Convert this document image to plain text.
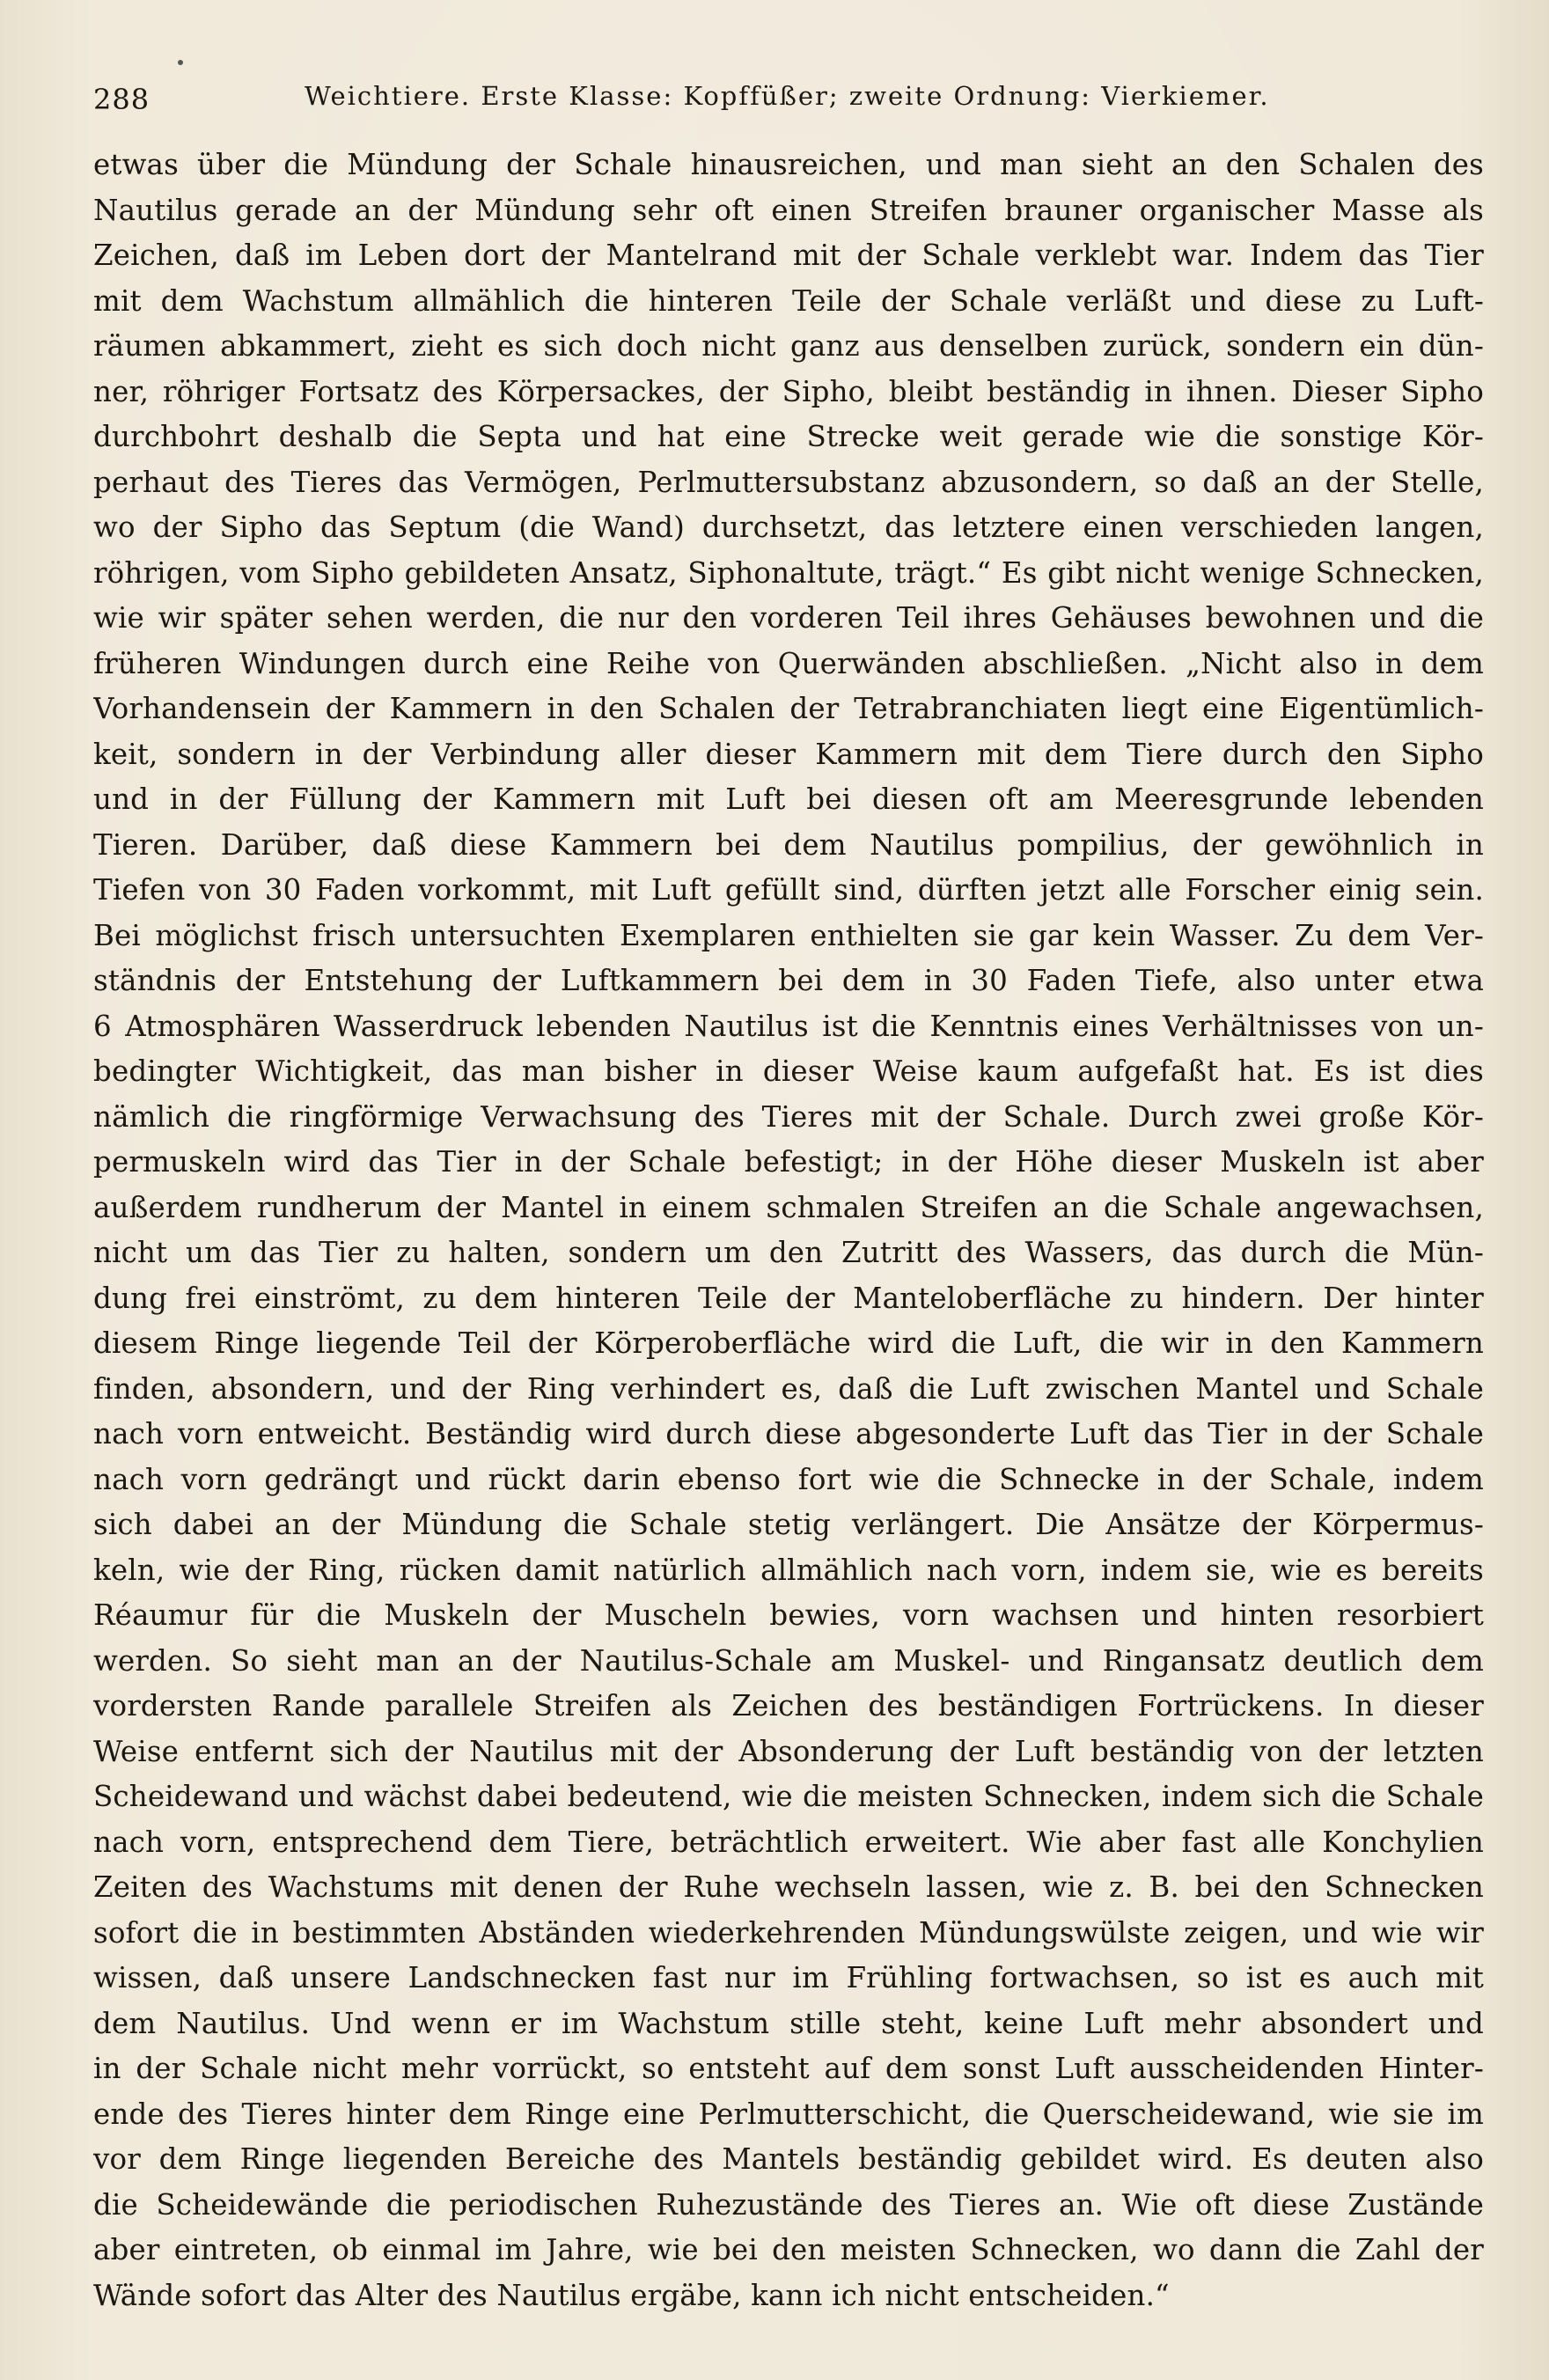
288	Weichtiere. Erste Klasse: Kopffüßer; zweite Ordnung: Vierkiemer.
etwas über die Mündung der Schale hinausreichen, und man sieht an den Schalen des
Nautilus gerade an der Mündung sehr oft einen Streifen brauner organischer Masse als
Zeichen, daß im Leben dort der Mantelrand mit der Schale verklebt war. Indem das Tier
mit dem Wachstum allmählich die hinteren Teile der Schale verläßt und diese zu Luft-
räumen abkammert, zieht es sich doch nicht ganz aus denselben zurück, sondern ein dün-
ner, röhriger Fortsatz des Körpersackes, der Sipho, bleibt beständig in ihnen. Dieser Sipho
durchbohrt deshalb die Septa und hat eine Strecke weit gerade wie die sonstige Kör-
perhaut des Tieres das Vermögen, Perlmuttersubstanz abzusondern, so daß an der Stelle,
wo der Sipho das Septum (die Wand) durchsetzt, das letztere einen verschieden langen,
röhrigen, vom Sipho gebildeten Ansatz, Siphonaltute, trägt.“ Es gibt nicht wenige Schnecken,
wie wir später sehen werden, die nur den vorderen Teil ihres Gehäuses bewohnen und die
früheren Windungen durch eine Reihe von Querwänden abschließen. „Nicht also in dem
Vorhandensein der Kammern in den Schalen der Tetrabranchiaten liegt eine Eigentümlich-
keit, sondern in der Verbindung aller dieser Kammern mit dem Tiere durch den Sipho
und in der Füllung der Kammern mit Luft bei diesen oft am Meeresgrunde lebenden
Tieren. Darüber, daß diese Kammern bei dem Nautilus pompilius, der gewöhnlich in
Tiefen von 30 Faden vorkommt, mit Luft gefüllt sind, dürften jetzt alle Forscher einig sein.
Bei möglichst frisch untersuchten Exemplaren enthielten sie gar kein Wasser. Zu dem Ver-
ständnis der Entstehung der Luftkammern bei dem in 30 Faden Tiefe, also unter etwa
6 Atmosphären Wasserdruck lebenden Nautilus ist die Kenntnis eines Verhältnisses von un-
bedingter Wichtigkeit, das man bisher in dieser Weise kaum aufgefaßt hat. Es ist dies
nämlich die ringförmige Verwachsung des Tieres mit der Schale. Durch zwei große Kör-
permuskeln wird das Tier in der Schale befestigt; in der Höhe dieser Muskeln ist aber
außerdem rundherum der Mantel in einem schmalen Streifen an die Schale angewachsen,
nicht um das Tier zu halten, sondern um den Zutritt des Wassers, das durch die Mün-
dung frei einströmt, zu dem hinteren Teile der Manteloberfläche zu hindern. Der hinter
diesem Ringe liegende Teil der Körperoberfläche wird die Luft, die wir in den Kammern
finden, absondern, und der Ring verhindert es, daß die Luft zwischen Mantel und Schale
nach vorn entweicht. Beständig wird durch diese abgesonderte Luft das Tier in der Schale
nach vorn gedrängt und rückt darin ebenso fort wie die Schnecke in der Schale, indem
sich dabei an der Mündung die Schale stetig verlängert. Die Ansätze der Körpermus-
keln, wie der Ring, rücken damit natürlich allmählich nach vorn, indem sie, wie es bereits
Réaumur für die Muskeln der Muscheln bewies, vorn wachsen und hinten resorbiert
werden. So sieht man an der Nautilus-Schale am Muskel- und Ringansatz deutlich dem
vordersten Rande parallele Streifen als Zeichen des beständigen Fortrückens. In dieser
Weise entfernt sich der Nautilus mit der Absonderung der Luft beständig von der letzten
Scheidewand und wächst dabei bedeutend, wie die meisten Schnecken, indem sich die Schale
nach vorn, entsprechend dem Tiere, beträchtlich erweitert. Wie aber fast alle Konchylien
Zeiten des Wachstums mit denen der Ruhe wechseln lassen, wie z. B. bei den Schnecken
sofort die in bestimmten Abständen wiederkehrenden Mündungswülste zeigen, und wie wir
wissen, daß unsere Landschnecken fast nur im Frühling fortwachsen, so ist es auch mit
dem Nautilus. Und wenn er im Wachstum stille steht, keine Luft mehr absondert und
in der Schale nicht mehr vorrückt, so entsteht auf dem sonst Luft ausscheidenden Hinter-
ende des Tieres hinter dem Ringe eine Perlmutterschicht, die Querscheidewand, wie sie im
vor dem Ringe liegenden Bereiche des Mantels beständig gebildet wird. Es deuten also
die Scheidewände die periodischen Ruhezustände des Tieres an. Wie oft diese Zustände
aber eintreten, ob einmal im Jahre, wie bei den meisten Schnecken, wo dann die Zahl der
Wände sofort das Alter des Nautilus ergäbe, kann ich nicht entscheiden.“
